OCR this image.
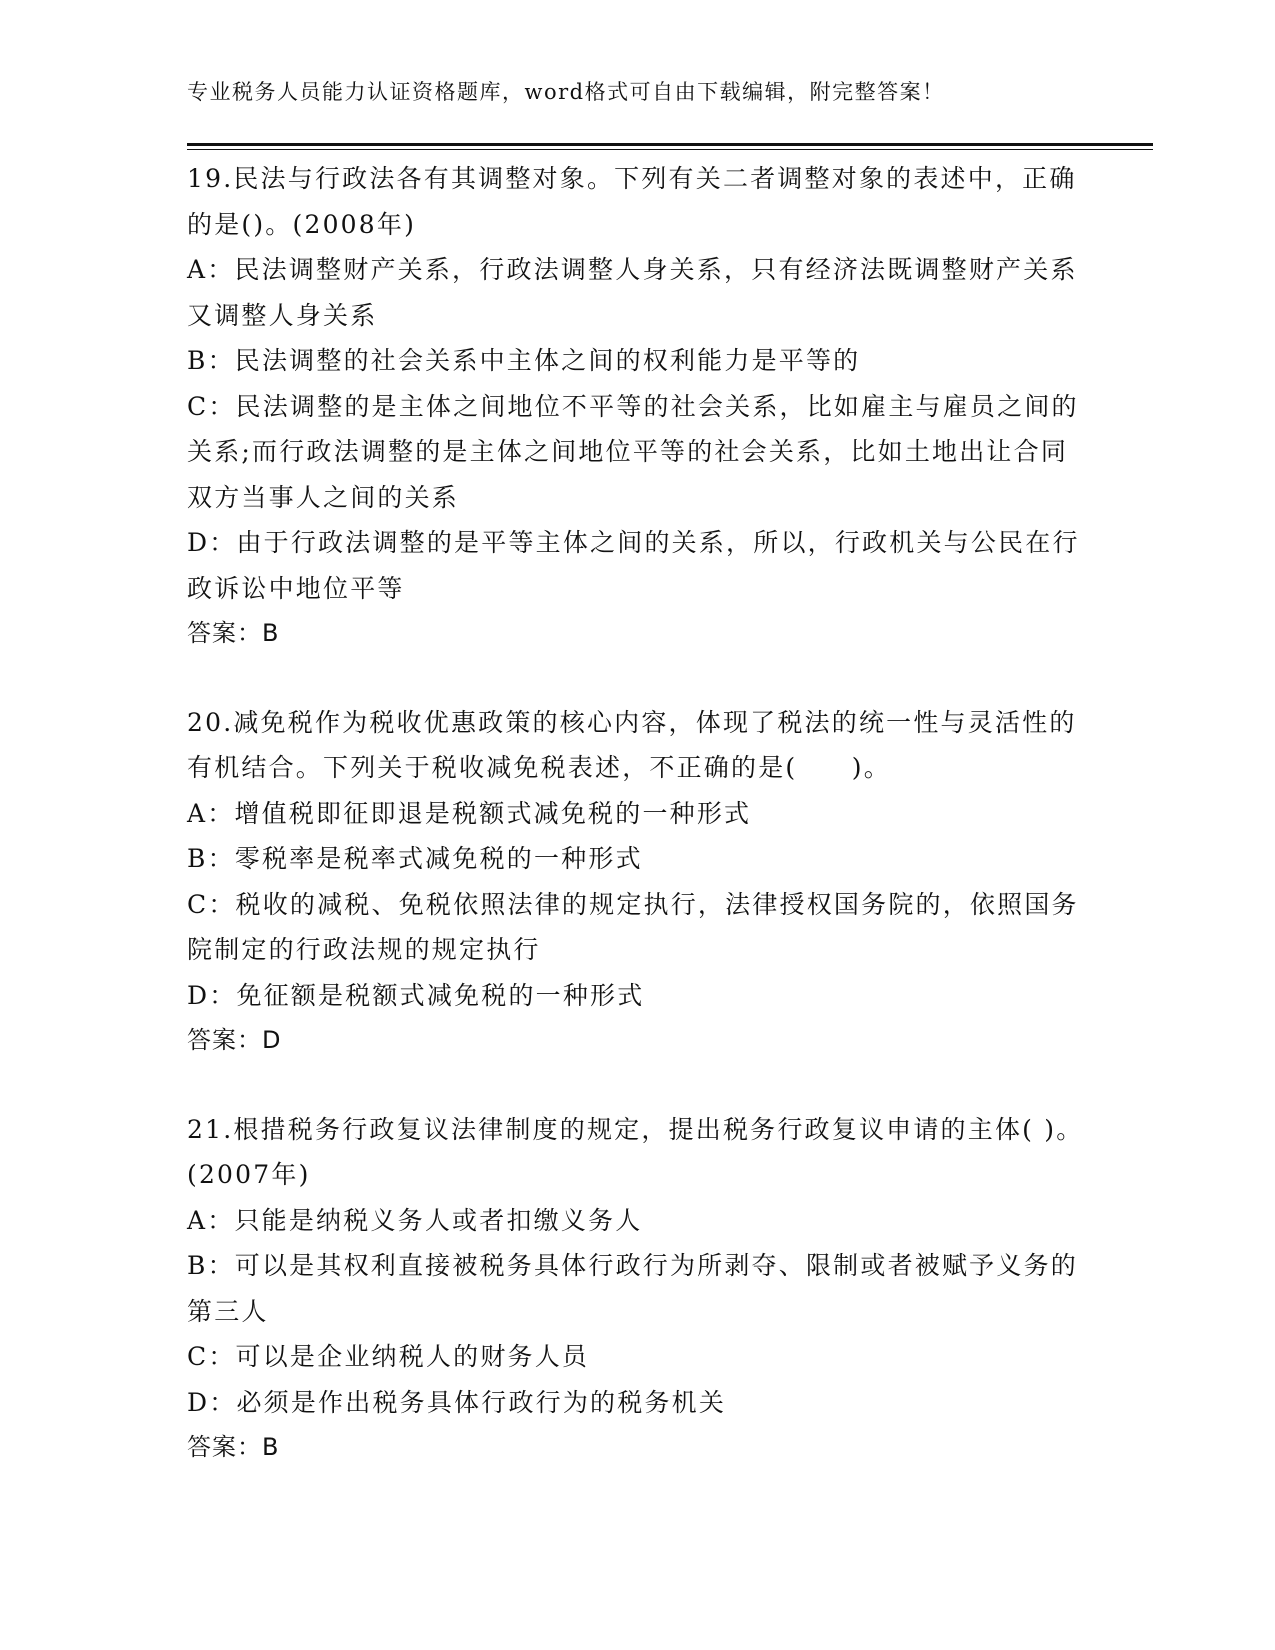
专业税务人员能力认证资格题库，word格式可自由下载编辑，附完整答案！
19.民法与行政法各有其调整对象。下列有关二者调整对象的表述中，正确的是()。(2008年)
A：民法调整财产关系，行政法调整人身关系，只有经济法既调整财产关系又调整人身关系
B：民法调整的社会关系中主体之间的权利能力是平等的
C：民法调整的是主体之间地位不平等的社会关系，比如雇主与雇员之间的关系;而行政法调整的是主体之间地位平等的社会关系，比如土地出让合同双方当事人之间的关系
D：由于行政法调整的是平等主体之间的关系，所以，行政机关与公民在行政诉讼中地位平等
答案：B
20.减免税作为税收优惠政策的核心内容，体现了税法的统一性与灵活性的有机结合。下列关于税收减免税表述，不正确的是(　　)。
A：增值税即征即退是税额式减免税的一种形式
B：零税率是税率式减免税的一种形式
C：税收的减税、免税依照法律的规定执行，法律授权国务院的，依照国务院制定的行政法规的规定执行
D：免征额是税额式减免税的一种形式
答案：D
21.根措税务行政复议法律制度的规定，提出税务行政复议申请的主体( )。(2007年)
A：只能是纳税义务人或者扣缴义务人
B：可以是其权利直接被税务具体行政行为所剥夺、限制或者被赋予义务的第三人
C：可以是企业纳税人的财务人员
D：必须是作出税务具体行政行为的税务机关
答案：B
